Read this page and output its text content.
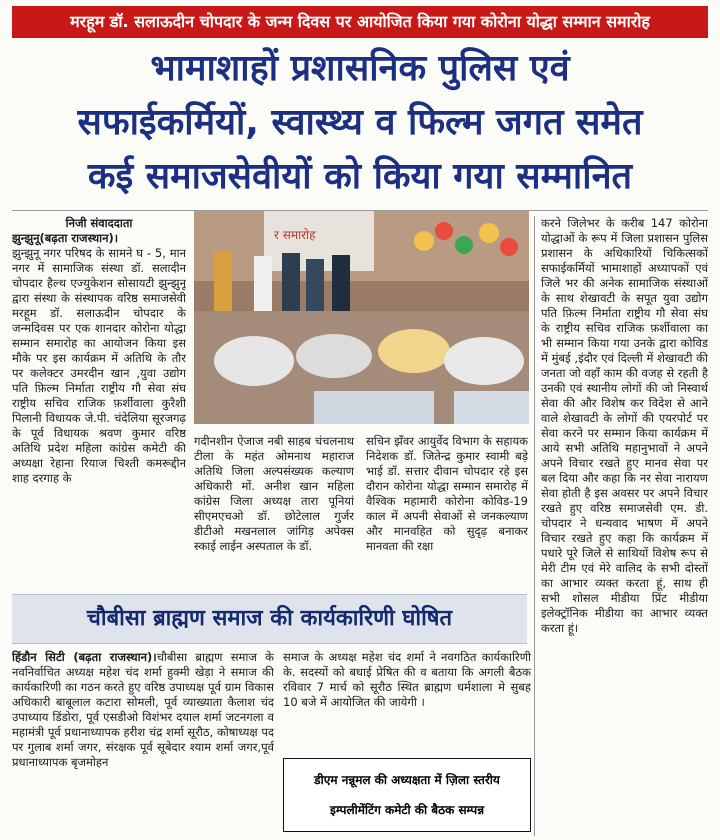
मरहूम डॉ. सलाऊदीन चोपदार के जन्म दिवस पर आयोजित किया गया कोरोना योद्धा सम्मान समारोह
भामाशाहों प्रशासनिक पुलिस एवं
सफाईकर्मियों, स्वास्थ्य व फिल्म जगत समेत
कई समाजसेवीयों को किया गया सम्मानित

निजी संवाददाता

झुन्झुनू(बढ़ता राजस्थान)।

झुन्झुनू नगर परिषद के सामने घ - 5, मान नगर में सामाजिक संस्था डॉ. सलादीन चोपदार हैल्थ एज्युकेशन सोसायटी झुन्झुनू द्वारा संस्था के संस्थापक वरिष्ठ समाजसेवी मरहूम डॉ. सलाऊदीन चोपदार के जन्मदिवस पर एक शानदार कोरोना योद्धा सम्मान समारोह का आयोजन किया इस मौके पर इस कार्यक्रम में अतिथि के तौर पर कलेक्टर उमरदीन खान ,युवा उद्योग पति फ़िल्म निर्माता राष्ट्रीय गौ सेवा संघ राष्ट्रीय सचिव राजिक फ़र्शीवाला कुरैशी पिलानी विधायक जे.पी. चंदेलिया सूरजगढ़ के पूर्व विधायक श्रवण कुमार वरिष्ठ अतिथि प्रदेश महिला कांग्रेस कमेटी की अध्यक्षा रेहाना रियाज चिश्ती कमरूद्दीन शाह दरगाह के

र समारोह

गदीनशीन ऐजाज नबी साहब चंचलनाथ टीला के महंत ओमनाथ महाराज अतिथि जिला अल्पसंख्यक कल्याण अधिकारी मों. अनीश खान महिला कांग्रेस जिला अध्यक्ष तारा पूनियां सीएमएचओ डॉ. छोटेलाल गुर्जर डीटीओ मखनलाल जांगिड़ अपेक्स स्काई लाईन अस्पताल के डॉ.

सचिन झँवर आयुर्वेद विभाग के सहायक निदेशक डॉ. जितेन्द्र कुमार स्वामी बड़े भाई डॉ. सत्तार दीवान चोपदार रहे इस दौरान कोरोना योद्धा सम्मान समारोह में वैश्विक महामारी कोरोना कोविड-19 काल में अपनी सेवाओं से जनकल्याण और मानवहित को सुदृढ़ बनाकर मानवता की रक्षा

करने जिलेभर के करीब 147 कोरोना योद्धाओं के रूप में जिला प्रशासन पुलिस प्रशासन के अधिकारियों चिकित्सकों सफाईकर्मियों भामाशाहों अध्यापकों एवं जिले भर की अनेक सामाजिक संस्थाओं के साथ शेखावटी के सपूत युवा उद्योग पति फ़िल्म निर्माता राष्ट्रीय गौ सेवा संघ के राष्ट्रीय सचिव राजिक फ़र्शीवाला का भी सम्मान किया गया उनके द्वारा कोविड में मुंबई ,इंदौर एवं दिल्ली में शेखावटी की जनता जो वहाँ काम की वजह से रहती है उनकी एवं स्थानीय लोगों की जो निस्वार्थ सेवा की और विशेष कर विदेश से आने वाले शेखावटी के लोगों की एयरपोर्ट पर सेवा करने पर सम्मान किया कार्यक्रम में आये सभी अतिथि महानुभावों ने अपने अपने विचार रखते हुए मानव सेवा पर बल दिया और कहा कि नर सेवा नारायण सेवा होती है इस अवसर पर अपने विचार रखते हुए वरिष्ठ समाजसेवी एम. डी. चोपदार ने धन्यवाद भाषण में अपने विचार रखते हुए कहा कि कार्यक्रम में पधारे पूरे जिले से साथियों विशेष रूप से मेरी टीम एवं मेरे वालिद के सभी दोस्तों का आभार व्यक्त करता हूं, साथ ही सभी शोसल मीडीया प्रिंट मीडीया इलेक्ट्रॉनिक मीडीया का आभार व्यक्त करता हूं।

चौबीसा ब्राह्मण समाज की कार्यकारिणी घोषित

हिंडौन सिटी (बढ़ता राजस्थान)।चौबीसा ब्राह्मण समाज के नवनिर्वाचित अध्यक्ष महेश चंद शर्मा हुक्मी खेड़ा ने समाज की कार्यकारिणी का गठन करते हुए वरिष्ठ उपाध्यक्ष पूर्व ग्राम विकास अधिकारी बाबूलाल कटारा सोमली, पूर्व व्याख्याता कैलाश चंद उपाध्याय डिंडोरा, पूर्व एसडीओ विशंभर दयाल शर्मा जटनगला व महामंत्री पूर्व प्रधानाध्यापक हरीश चंद्र शर्मा सूरौठ, कोषाध्यक्ष पद पर गुलाब शर्मा जगर, संरक्षक पूर्व सूबेदार श्याम शर्मा जगर,पूर्व प्रधानाध्यापक बृजमोहन

समाज के अध्यक्ष महेश चंद शर्मा ने नवगठित कार्यकारिणी के. सदस्यों को बधाई प्रेषित की व बताया कि अगली बैठक रविवार 7 मार्च को सूरौठ स्थित ब्राह्मण धर्मशाला मे सुबह 10 बजे में आयोजित की जायेगी ।

डीएम नन्नूमल की अध्यक्षता में ज़िला स्तरीय
इम्पलीमेंटिंग कमेटी की बैठक सम्पन्न
